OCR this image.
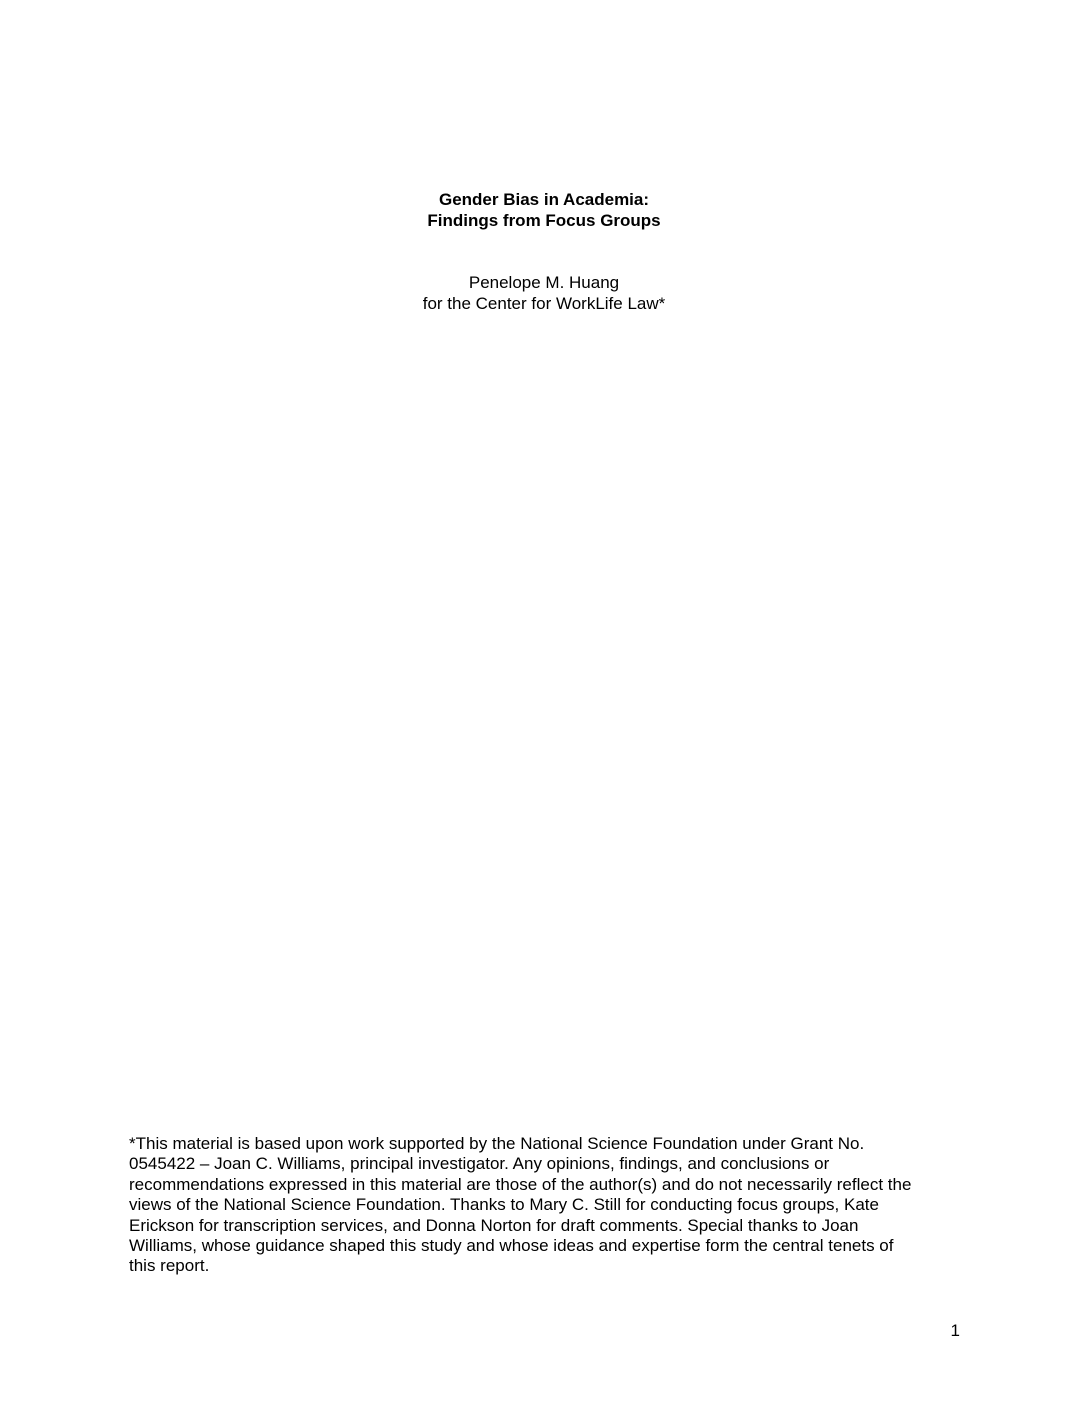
Gender Bias in Academia:
Findings from Focus Groups
Penelope M. Huang
for the Center for WorkLife Law*
*This material is based upon work supported by the National Science Foundation under Grant No.
0545422 – Joan C. Williams, principal investigator. Any opinions, findings, and conclusions or
recommendations expressed in this material are those of the author(s) and do not necessarily reflect the
views of the National Science Foundation. Thanks to Mary C. Still for conducting focus groups, Kate
Erickson for transcription services, and Donna Norton for draft comments. Special thanks to Joan
Williams, whose guidance shaped this study and whose ideas and expertise form the central tenets of
this report.
1
